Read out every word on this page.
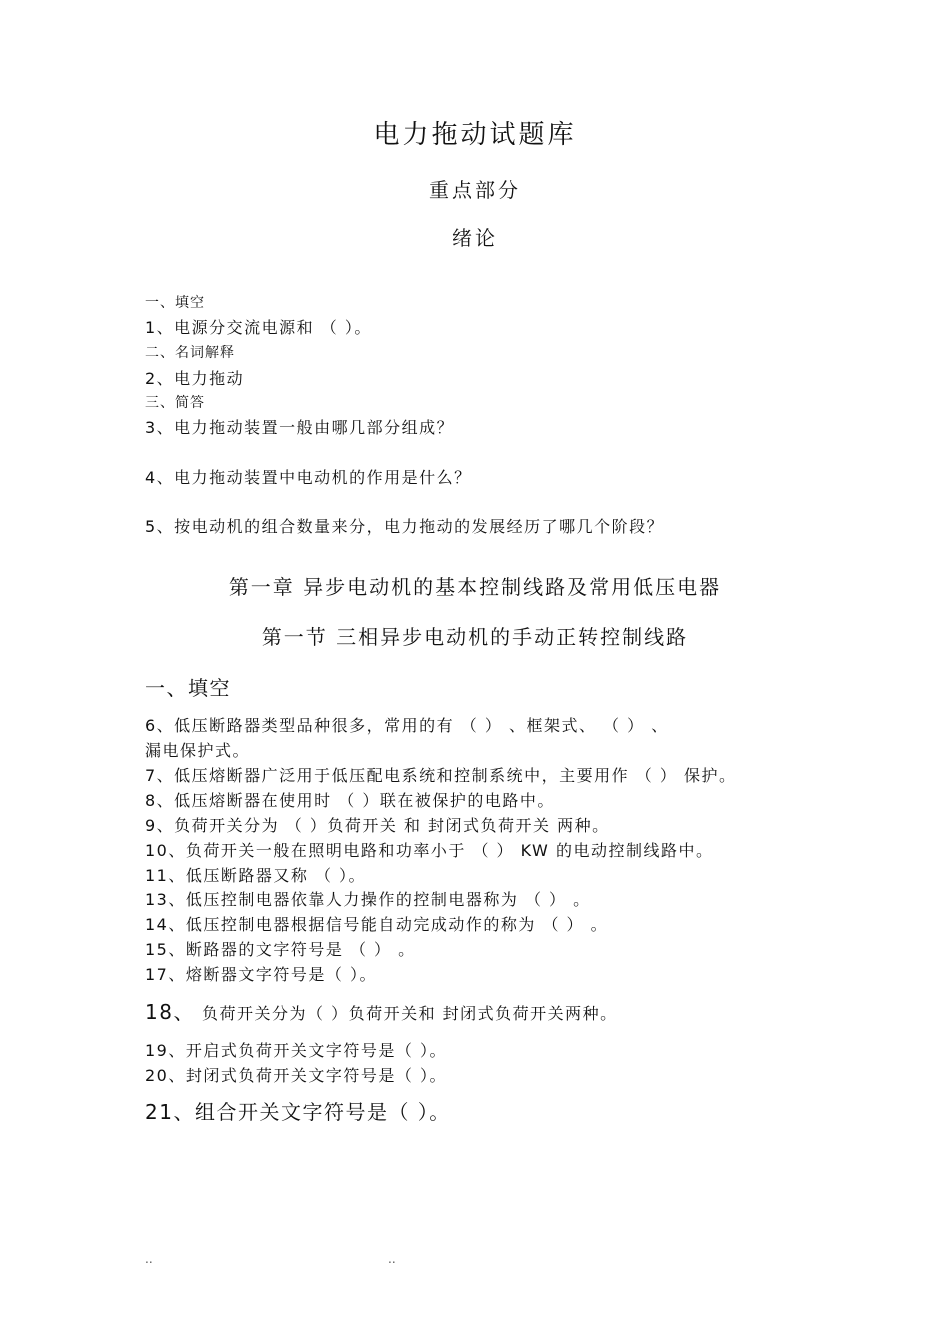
电力拖动试题库
重点部分
绪论
一、填空
1、电源分交流电源和 （ ）。
二、名词解释
2、电力拖动
三、简答
3、电力拖动装置一般由哪几部分组成？
4、电力拖动装置中电动机的作用是什么？
5、按电动机的组合数量来分，电力拖动的发展经历了哪几个阶段？
第一章 异步电动机的基本控制线路及常用低压电器
第一节 三相异步电动机的手动正转控制线路
一、填空
6、低压断路器类型品种很多，常用的有 （ ） 、框架式、 （ ） 、
漏电保护式。
7、低压熔断器广泛用于低压配电系统和控制系统中，主要用作 （ ） 保护。
8、低压熔断器在使用时 （ ）联在被保护的电路中。
9、负荷开关分为 （ ）负荷开关 和 封闭式负荷开关 两种。
10、负荷开关一般在照明电路和功率小于 （ ） KW 的电动控制线路中。
11、低压断路器又称 （ ）。
13、低压控制电器依靠人力操作的控制电器称为 （ ） 。
14、低压控制电器根据信号能自动完成动作的称为 （ ） 。
15、断路器的文字符号是 （ ） 。
17、熔断器文字符号是（ ）。
18、 负荷开关分为（ ）负荷开关和 封闭式负荷开关两种。
19、开启式负荷开关文字符号是（ ）。
20、封闭式负荷开关文字符号是（ ）。
21、组合开关文字符号是（ ）。
..	..
